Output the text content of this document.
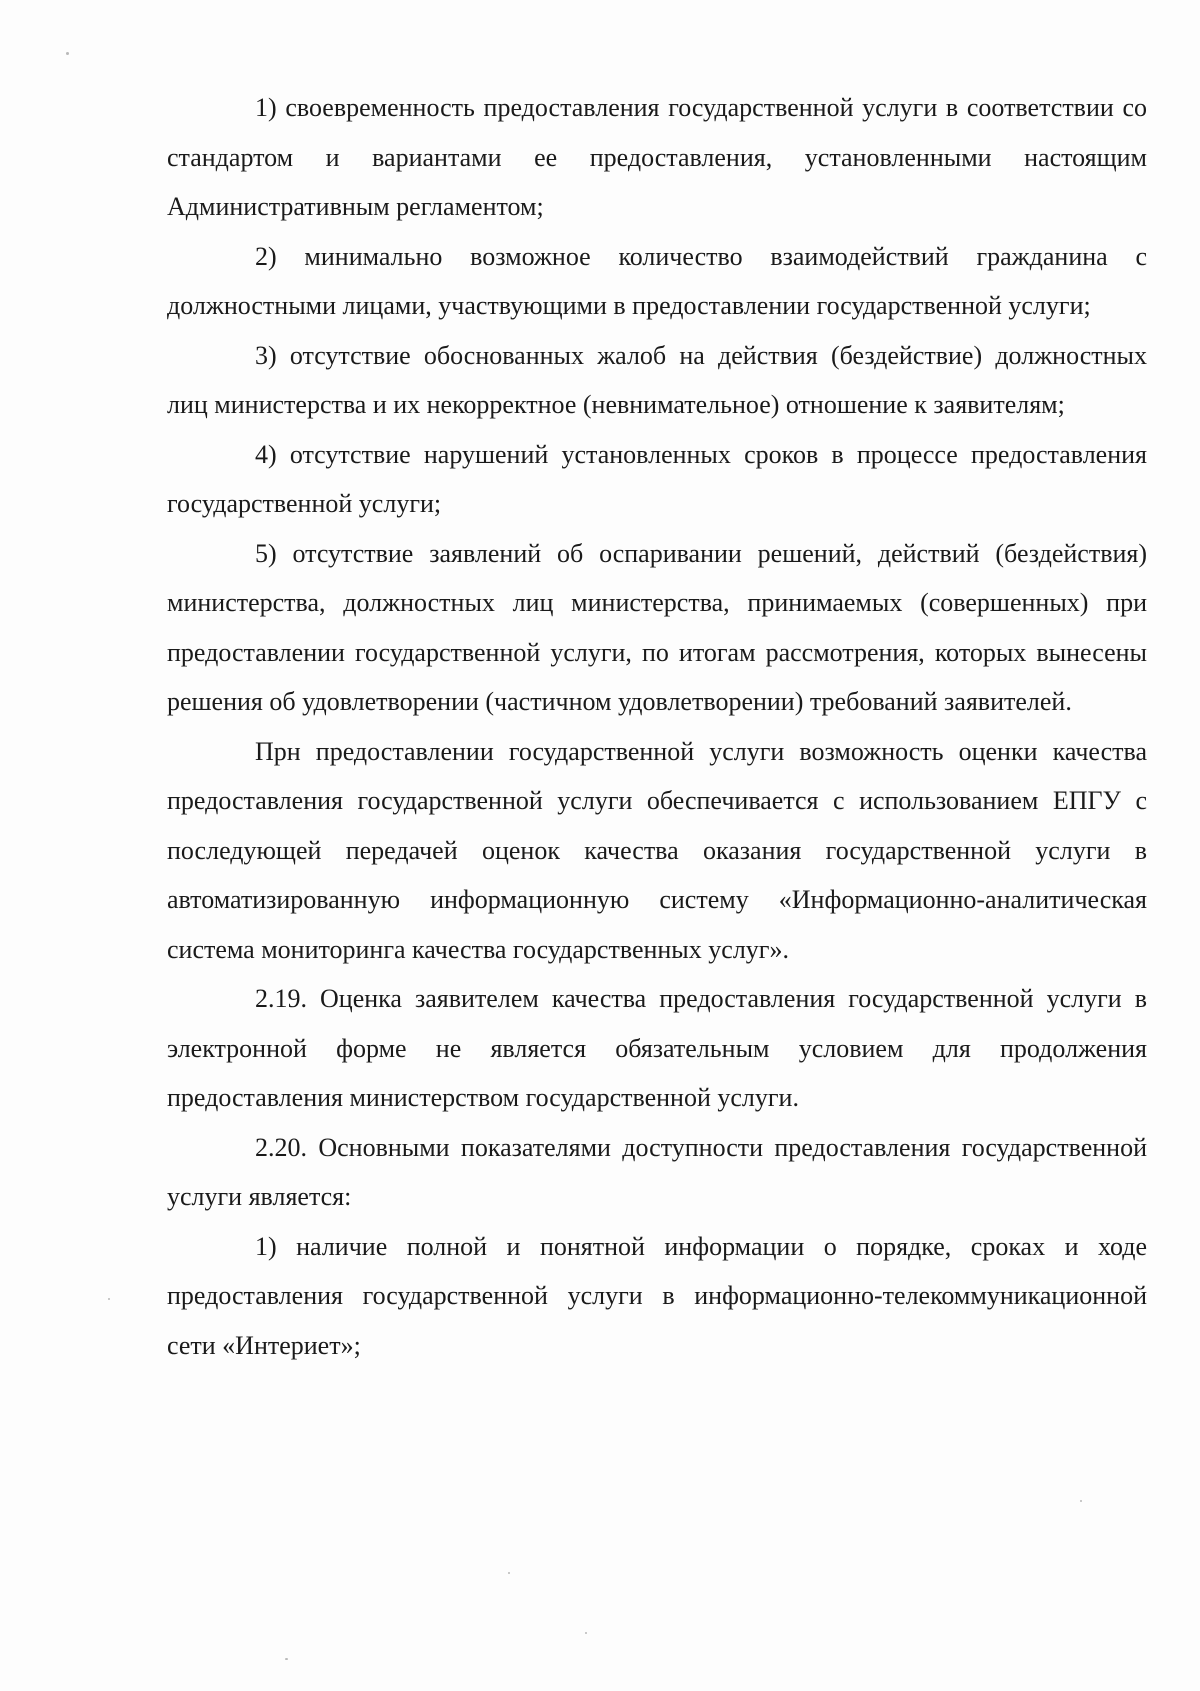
1) своевременность предоставления государственной услуги в соответствии со стандартом и вариантами ее предоставления, установленными настоящим Административным регламентом;

2) минимально возможное количество взаимодействий гражданина с должностными лицами, участвующими в предоставлении государственной услуги;

3) отсутствие обоснованных жалоб на действия (бездействие) должностных лиц министерства и их некорректное (невнимательное) отношение к заявителям;

4) отсутствие нарушений установленных сроков в процессе предоставления государственной услуги;

5) отсутствие заявлений об оспаривании решений, действий (бездействия) министерства, должностных лиц министерства, принимаемых (совершенных) при предоставлении государственной услуги, по итогам рассмотрения, которых вынесены решения об удовлетворении (частичном удовлетворении) требований заявителей.

Прн предоставлении государственной услуги возможность оценки качества предоставления государственной услуги обеспечивается с использованием ЕПГУ с последующей передачей оценок качества оказания государственной услуги в автоматизированную информационную систему «Информационно-аналитическая система мониторинга качества государственных услуг».

2.19. Оценка заявителем качества предоставления государственной услуги в электронной форме не является обязательным условием для продолжения предоставления министерством государственной услуги.

2.20. Основными показателями доступности предоставления государственной услуги является:

1) наличие полной и понятной информации о порядке, сроках и ходе предоставления государственной услуги в информационно-телекоммуникационной сети «Интериет»;
